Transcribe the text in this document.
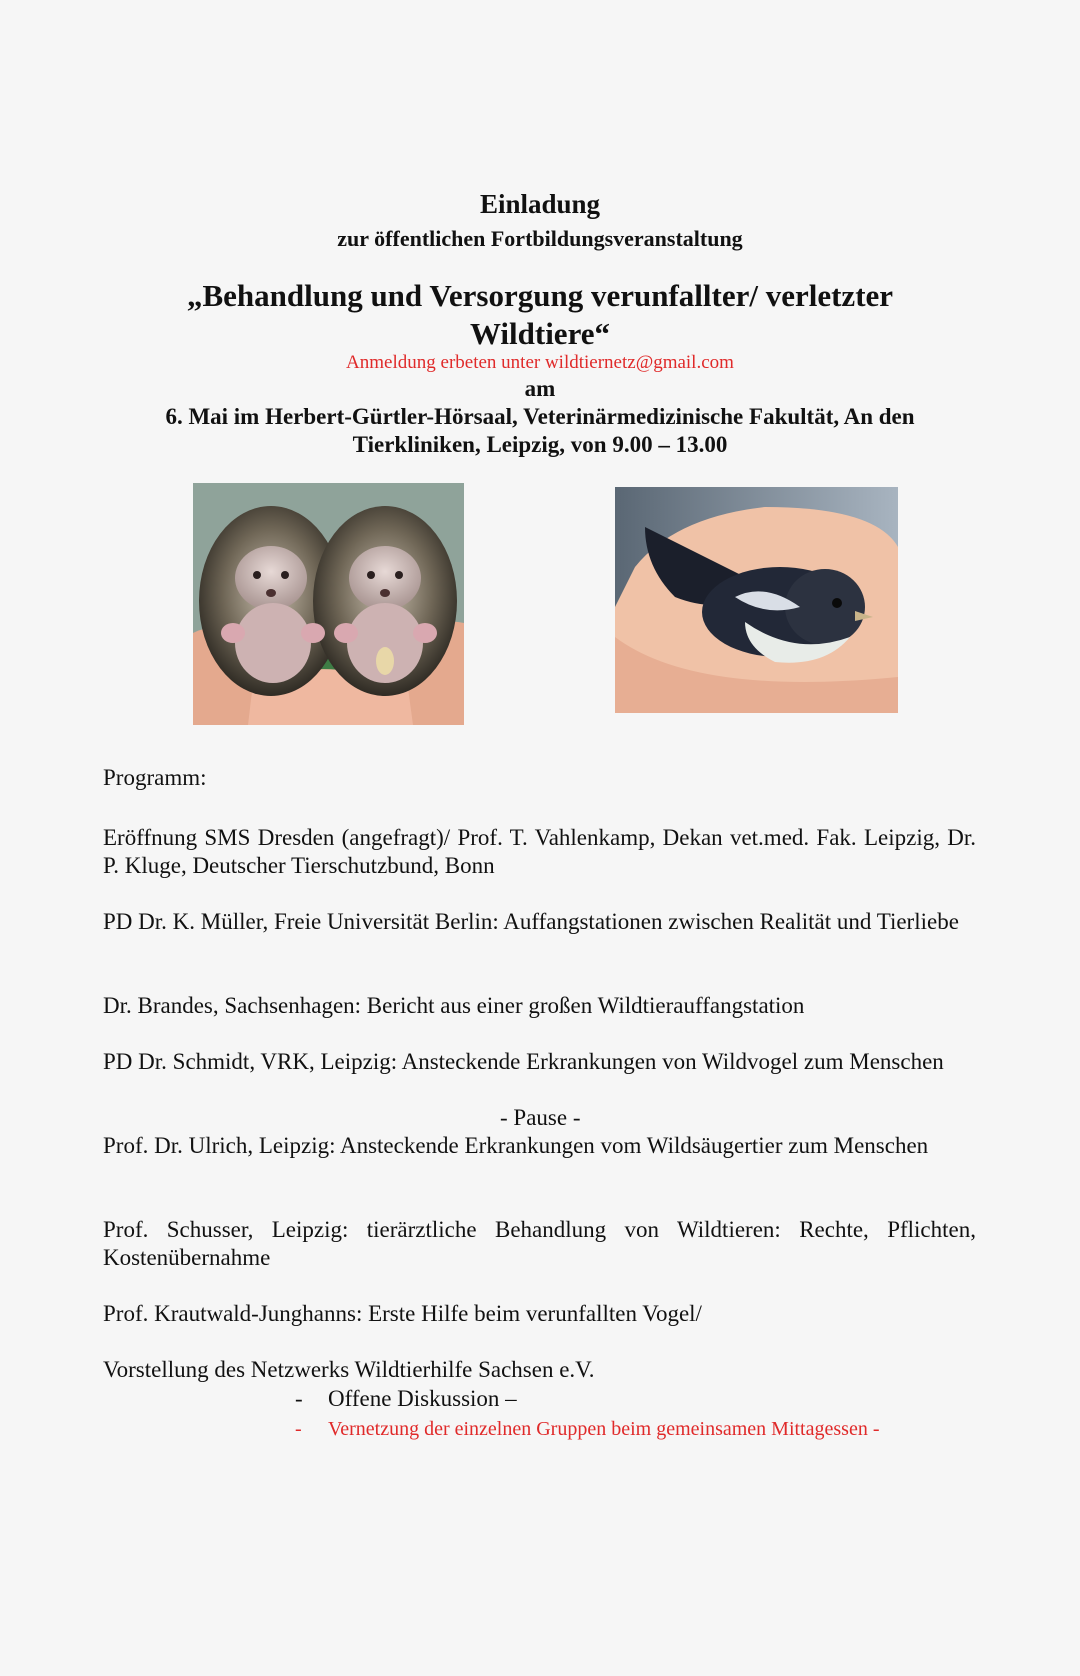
Einladung
zur öffentlichen Fortbildungsveranstaltung
„Behandlung und Versorgung verunfallter/ verletzter
Wildtiere“
Anmeldung erbeten unter wildtiernetz@gmail.com
am
6. Mai im Herbert-Gürtler-Hörsaal, Veterinärmedizinische Fakultät, An den
Tierkliniken, Leipzig, von 9.00 – 13.00
Programm:
Eröffnung SMS Dresden (angefragt)/ Prof. T. Vahlenkamp, Dekan vet.med. Fak. Leipzig, Dr. P. Kluge, Deutscher Tierschutzbund, Bonn
PD Dr. K. Müller, Freie Universität Berlin: Auffangstationen zwischen Realität und Tierliebe
Dr. Brandes, Sachsenhagen: Bericht aus einer großen Wildtierauffangstation
PD Dr. Schmidt, VRK, Leipzig: Ansteckende Erkrankungen von Wildvogel zum Menschen
- Pause -
Prof. Dr. Ulrich, Leipzig: Ansteckende Erkrankungen vom Wildsäugertier zum Menschen
Prof. Schusser, Leipzig: tierärztliche Behandlung von Wildtieren: Rechte, Pflichten, Kostenübernahme
Prof. Krautwald-Junghanns: Erste Hilfe beim verunfallten Vogel/
Vorstellung des Netzwerks Wildtierhilfe Sachsen e.V.
- Offene Diskussion –
- Vernetzung der einzelnen Gruppen beim gemeinsamen Mittagessen -
